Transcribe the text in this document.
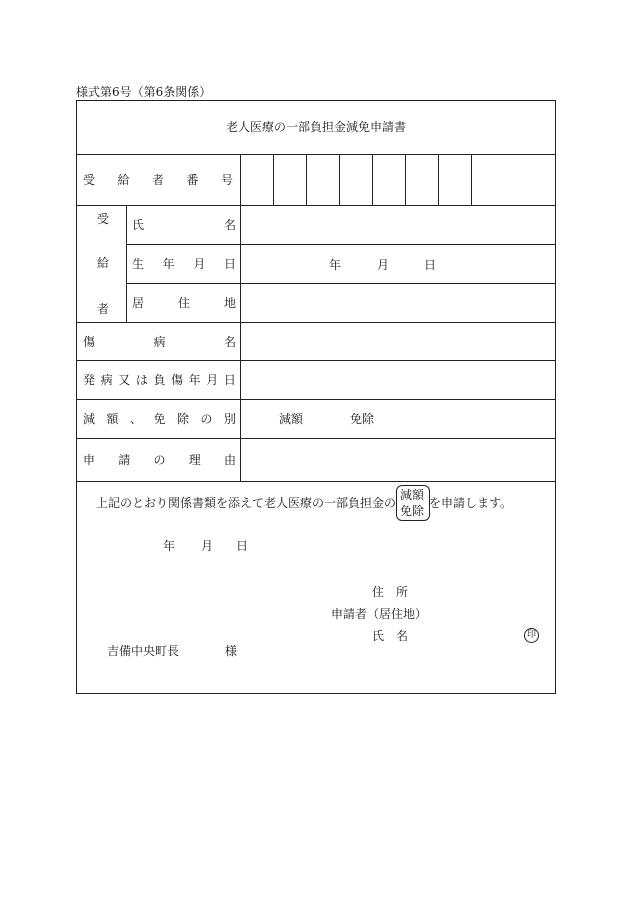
様式第6号（第6条関係）
老人医療の一部負担金減免申請書
受 給 者 番 号
受
給
者
氏	名
生 年 月 日	年	月	日
居	住	地
傷	病	名
発 病 又 は 負 傷 年 月 日
減 額 、 免 除 の 別	減額	免除
申 請 の 理 由
上記のとおり関係書類を添えて老人医療の一部負担金の
減額
免除
を申請します。
年 月 日
住 所
申請者（居住地）
氏 名	印
吉備中央町長	様
